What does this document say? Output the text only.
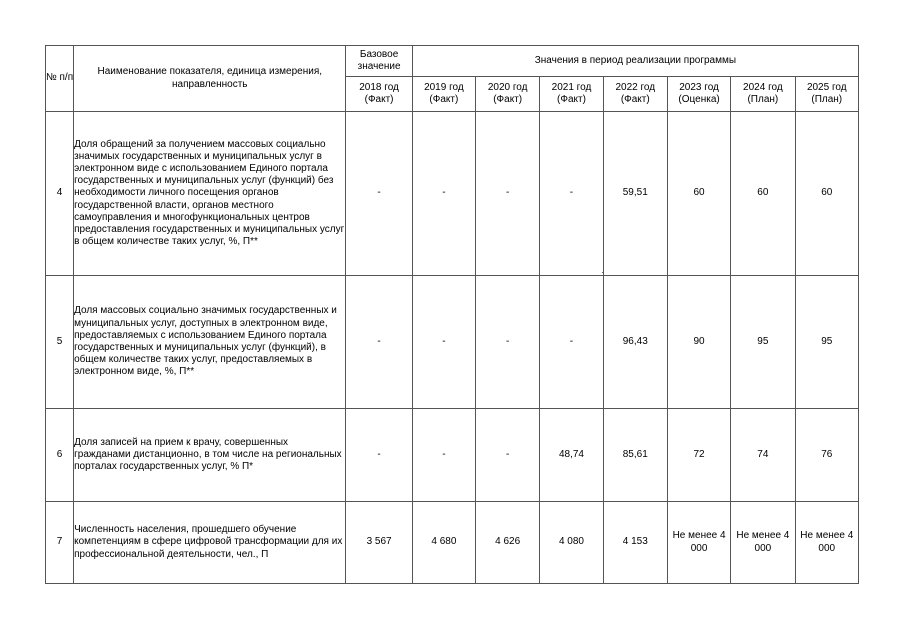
№ п/п	Наименование показателя, единица измерения, направленность	Базовое значение	Значения в период реализации программы						
		2018 год (Факт)	2019 год (Факт)	2020 год (Факт)	2021 год (Факт)	2022 год (Факт)	2023 год (Оценка)	2024 год (План)	2025 год (План)
4	Доля обращений за получением массовых социально значимых государственных и муниципальных услуг в электронном виде с использованием Единого портала государственных и муниципальных услуг (функций) без необходимости личного посещения органов государственной власти, органов местного самоуправления и многофункциональных центров предоставления государственных и муниципальных услуг в общем количестве таких услуг, %, П**	-	-	-	-	59,51	60	60	60
5	Доля массовых социально значимых государственных и муниципальных услуг, доступных в электронном виде, предоставляемых с использованием Единого портала государственных и муниципальных услуг (функций), в общем количестве таких услуг, предоставляемых в электронном виде, %, П**	-	-	-	-	96,43	90	95	95
6	Доля записей на прием к врачу, совершенных гражданами дистанционно, в том числе на региональных порталах государственных услуг, % П*	-	-	-	48,74	85,61	72	74	76
7	Численность населения, прошедшего обучение компетенциям в сфере цифровой трансформации для их профессиональной деятельности, чел., П	3 567	4 680	4 626	4 080	4 153	Не менее 4 000	Не менее 4 000	Не менее 4 000
